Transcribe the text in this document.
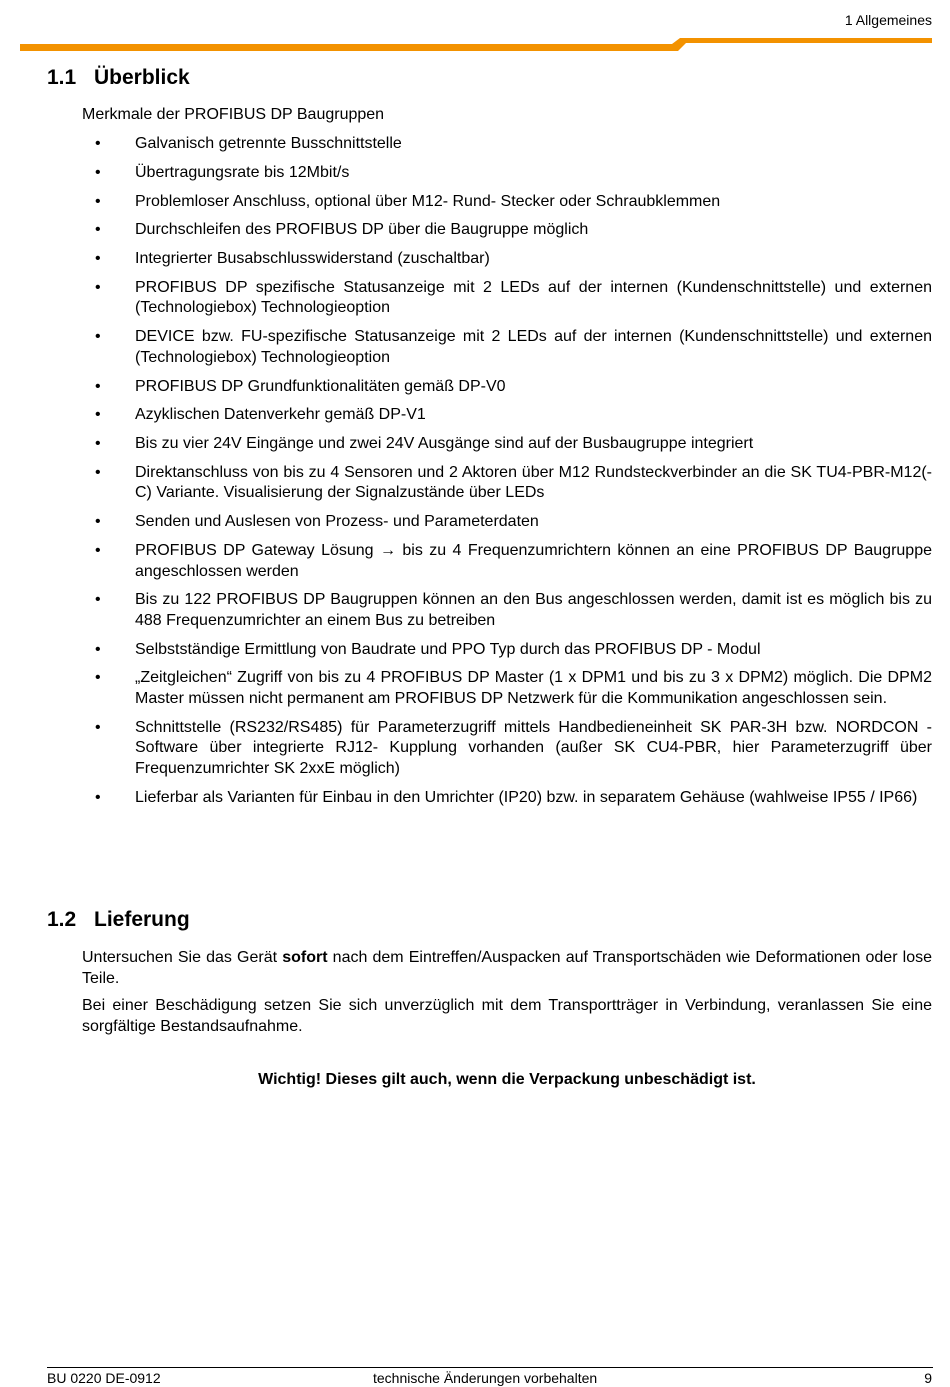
1 Allgemeines
1.1 Überblick

Merkmale der PROFIBUS DP Baugruppen

• Galvanisch getrennte Busschnittstelle
• Übertragungsrate bis 12Mbit/s
• Problemloser Anschluss, optional über M12- Rund- Stecker oder Schraubklemmen
• Durchschleifen des PROFIBUS DP über die Baugruppe möglich
• Integrierter Busabschlusswiderstand (zuschaltbar)
• PROFIBUS DP spezifische Statusanzeige mit 2 LEDs auf der internen (Kundenschnittstelle) und externen (Technologiebox) Technologieoption
• DEVICE bzw. FU-spezifische Statusanzeige mit 2 LEDs auf der internen (Kundenschnittstelle) und externen (Technologiebox) Technologieoption
• PROFIBUS DP Grundfunktionalitäten gemäß DP-V0
• Azyklischen Datenverkehr gemäß DP-V1
• Bis zu vier 24V Eingänge und zwei 24V Ausgänge sind auf der Busbaugruppe integriert
• Direktanschluss von bis zu 4 Sensoren und 2 Aktoren über M12 Rundsteckverbinder an die SK TU4-PBR-M12(-C) Variante. Visualisierung der Signalzustände über LEDs
• Senden und Auslesen von Prozess- und Parameterdaten
• PROFIBUS DP Gateway Lösung → bis zu 4 Frequenzumrichtern können an eine PROFIBUS DP Baugruppe angeschlossen werden
• Bis zu 122 PROFIBUS DP Baugruppen können an den Bus angeschlossen werden, damit ist es möglich bis zu 488 Frequenzumrichter an einem Bus zu betreiben
• Selbstständige Ermittlung von Baudrate und PPO Typ durch das PROFIBUS DP - Modul
• „Zeitgleichen“ Zugriff von bis zu 4 PROFIBUS DP Master (1 x DPM1 und bis zu 3 x DPM2) möglich. Die DPM2 Master müssen nicht permanent am PROFIBUS DP Netzwerk für die Kommunikation angeschlossen sein.
• Schnittstelle (RS232/RS485) für Parameterzugriff mittels Handbedieneinheit SK PAR-3H bzw. NORDCON - Software über integrierte RJ12- Kupplung vorhanden (außer SK CU4-PBR, hier Parameterzugriff über Frequenzumrichter SK 2xxE möglich)
• Lieferbar als Varianten für Einbau in den Umrichter (IP20) bzw. in separatem Gehäuse (wahlweise IP55 / IP66)
1.2 Lieferung

Untersuchen Sie das Gerät sofort nach dem Eintreffen/Auspacken auf Transportschäden wie Deformationen oder lose Teile.

Bei einer Beschädigung setzen Sie sich unverzüglich mit dem Transportträger in Verbindung, veranlassen Sie eine sorgfältige Bestandsaufnahme.

Wichtig! Dieses gilt auch, wenn die Verpackung unbeschädigt ist.

BU 0220 DE-0912	technische Änderungen vorbehalten	9
